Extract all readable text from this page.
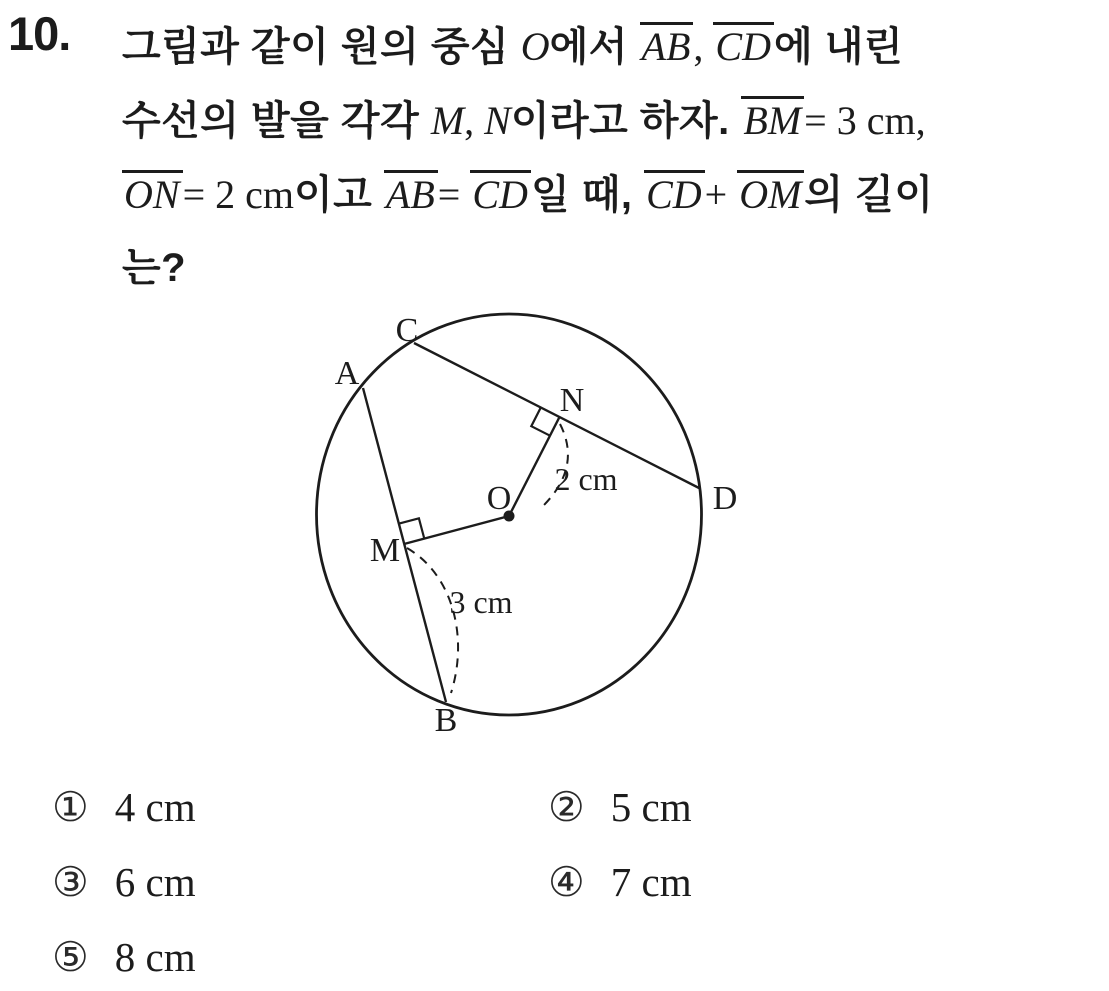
10. 그림과 같이 원의 중심 O에서 AB, CD에 내린

수선의 발을 각각 M, N이라고 하자. BM= 3 cm,

ON= 2 cm이고 AB= CD일 때, CD+ OM의 길이

는?

A
B
C
D
M
N
O
2 cm
3 cm
① 4 cm	② 5 cm
③ 6 cm	④ 7 cm
⑤ 8 cm
